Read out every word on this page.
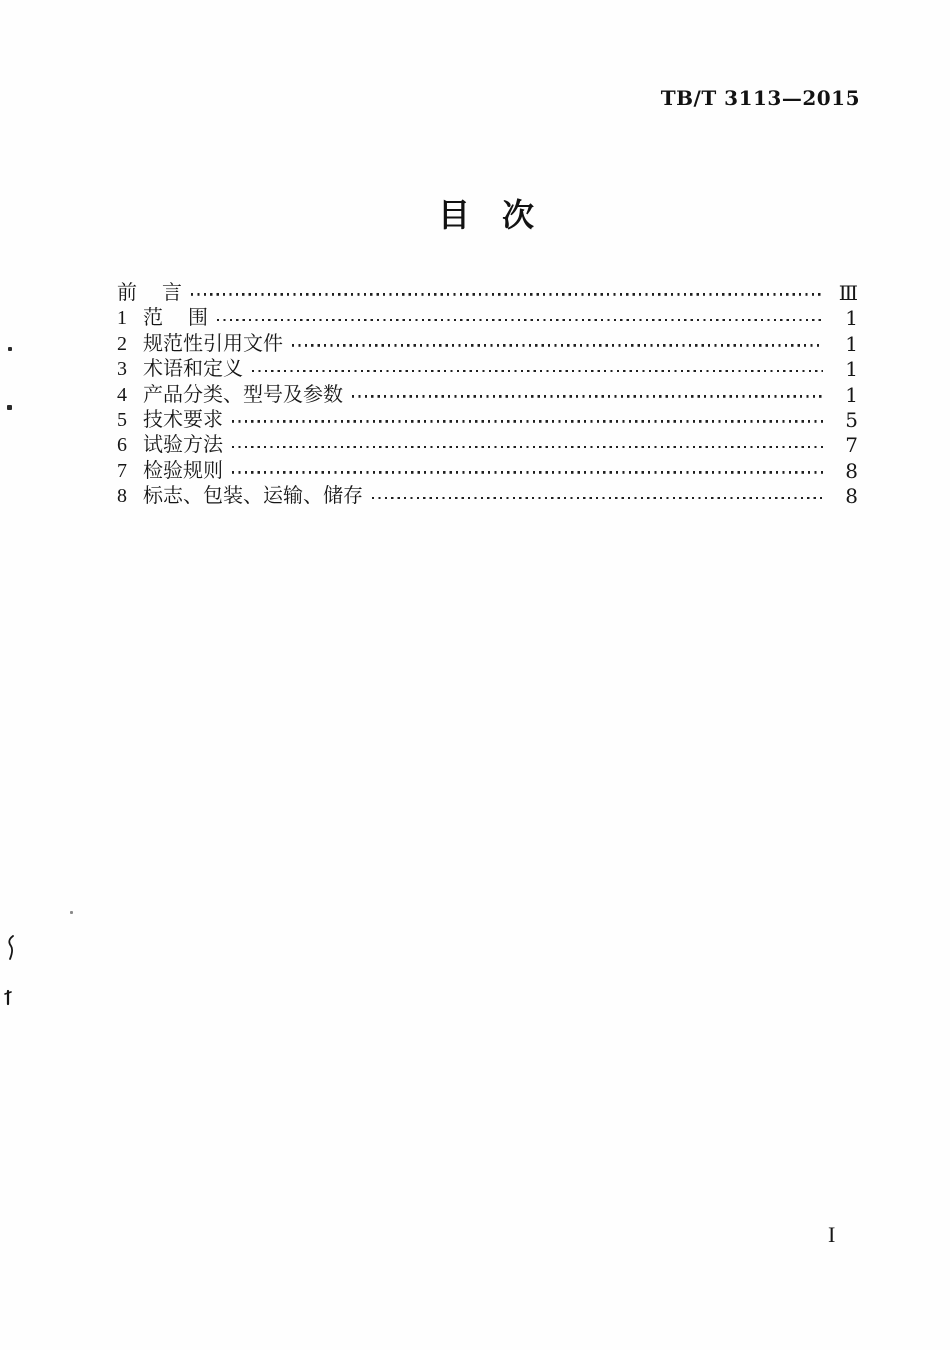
TB/T 3113—2015
目　次
前　 言	Ⅲ
1 范　 围	1
2 规范性引用文件	1
3 术语和定义	1
4 产品分类、型号及参数	1
5 技术要求	5
6 试验方法	7
7 检验规则	8
8 标志、包装、运输、储存	8
I
